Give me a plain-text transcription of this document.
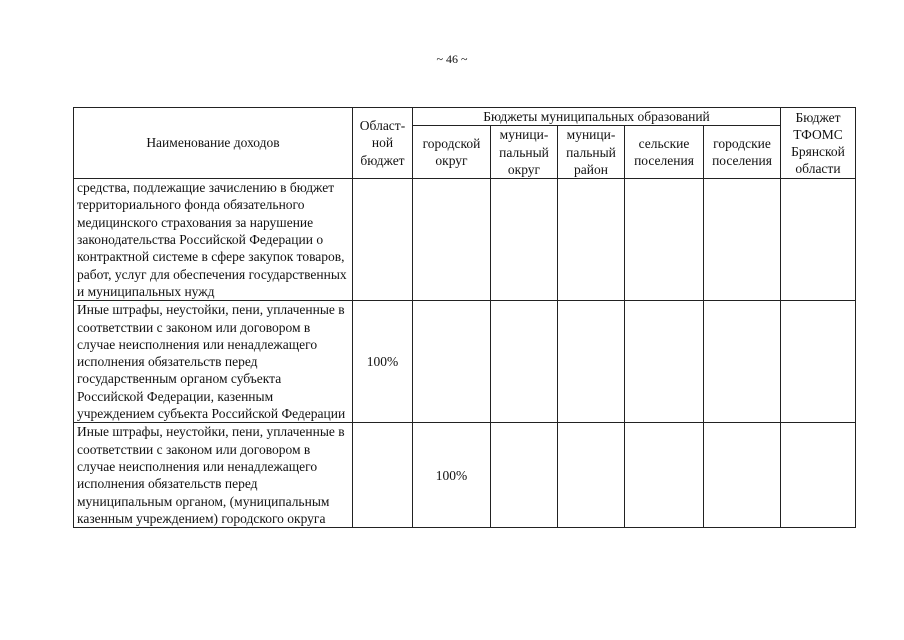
~ 46 ~
Наименование доходов	Област-ной бюджет	Бюджеты муниципальных образований					Бюджет ТФОМС Брянской области
		городской округ	муници-пальный округ	муници-пальный район	сельские поселения	городские поселения	
средства, подлежащие зачислению в бюджет территориального фонда обязательного медицинского страхования за нарушение законодательства Российской Федерации о контрактной системе в сфере закупок товаров, работ, услуг для обеспечения государственных и муниципальных нужд							
Иные штрафы, неустойки, пени, уплаченные в соответствии с законом или договором в случае неисполнения или ненадлежащего исполнения обязательств перед государственным органом субъекта Российской Федерации, казенным учреждением субъекта Российской Федерации	100%						
Иные штрафы, неустойки, пени, уплаченные в соответствии с законом или договором в случае неисполнения или ненадлежащего исполнения обязательств перед муниципальным органом, (муниципальным казенным учреждением) городского округа		100%					
